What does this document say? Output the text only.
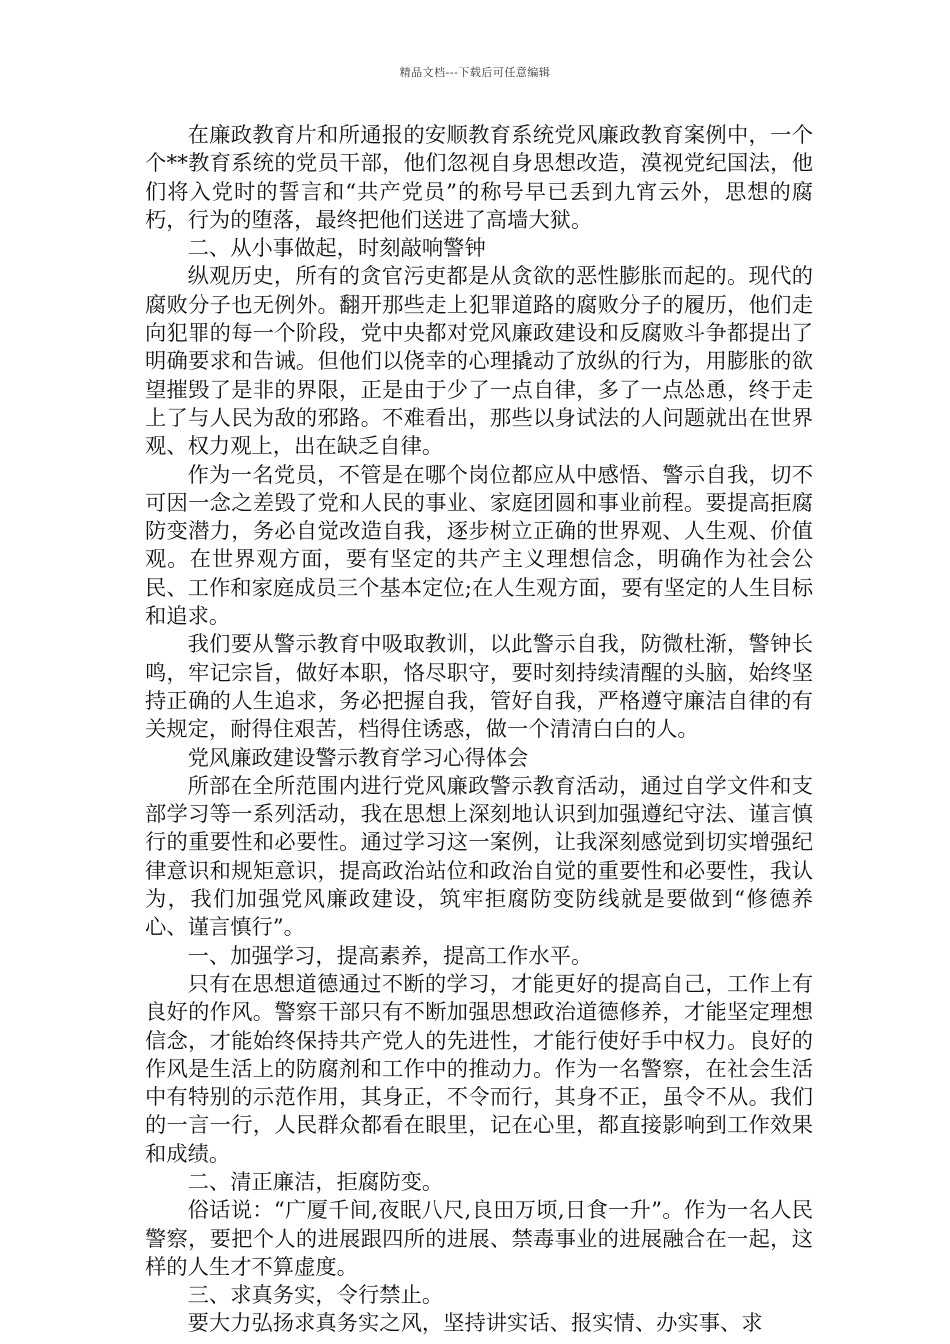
精品文档---下载后可任意编辑

在廉政教育片和所通报的安顺教育系统党风廉政教育案例中，一个个**教育系统的党员干部，他们忽视自身思想改造，漠视党纪国法，他们将入党时的誓言和“共产党员”的称号早已丢到九宵云外，思想的腐朽，行为的堕落，最终把他们送进了高墙大狱。

二、从小事做起，时刻敲响警钟

纵观历史，所有的贪官污吏都是从贪欲的恶性膨胀而起的。现代的腐败分子也无例外。翻开那些走上犯罪道路的腐败分子的履历，他们走向犯罪的每一个阶段，党中央都对党风廉政建设和反腐败斗争都提出了明确要求和告诫。但他们以侥幸的心理撬动了放纵的行为，用膨胀的欲望摧毁了是非的界限，正是由于少了一点自律，多了一点怂恿，终于走上了与人民为敌的邪路。不难看出，那些以身试法的人问题就出在世界观、权力观上，出在缺乏自律。

作为一名党员，不管是在哪个岗位都应从中感悟、警示自我，切不可因一念之差毁了党和人民的事业、家庭团圆和事业前程。要提高拒腐防变潜力，务必自觉改造自我，逐步树立正确的世界观、人生观、价值观。在世界观方面，要有坚定的共产主义理想信念，明确作为社会公民、工作和家庭成员三个基本定位;在人生观方面，要有坚定的人生目标和追求。

我们要从警示教育中吸取教训，以此警示自我，防微杜渐，警钟长鸣，牢记宗旨，做好本职，恪尽职守，要时刻持续清醒的头脑，始终坚持正确的人生追求，务必把握自我，管好自我，严格遵守廉洁自律的有关规定，耐得住艰苦，档得住诱惑，做一个清清白白的人。

党风廉政建设警示教育学习心得体会

所部在全所范围内进行党风廉政警示教育活动，通过自学文件和支部学习等一系列活动，我在思想上深刻地认识到加强遵纪守法、谨言慎行的重要性和必要性。通过学习这一案例，让我深刻感觉到切实增强纪律意识和规矩意识，提高政治站位和政治自觉的重要性和必要性，我认为，我们加强党风廉政建设，筑牢拒腐防变防线就是要做到“修德养心、谨言慎行”。

一、加强学习，提高素养，提高工作水平。

只有在思想道德通过不断的学习，才能更好的提高自己，工作上有良好的作风。警察干部只有不断加强思想政治道德修养，才能坚定理想信念，才能始终保持共产党人的先进性，才能行使好手中权力。良好的作风是生活上的防腐剂和工作中的推动力。作为一名警察，在社会生活中有特别的示范作用，其身正，不令而行，其身不正，虽令不从。我们的一言一行，人民群众都看在眼里，记在心里，都直接影响到工作效果和成绩。

二、清正廉洁，拒腐防变。

俗话说：“广厦千间,夜眠八尺,良田万顷,日食一升”。作为一名人民警察，要把个人的进展跟四所的进展、禁毒事业的进展融合在一起，这样的人生才不算虚度。

三、求真务实，令行禁止。

要大力弘扬求真务实之风，坚持讲实话、报实情、办实事、求
